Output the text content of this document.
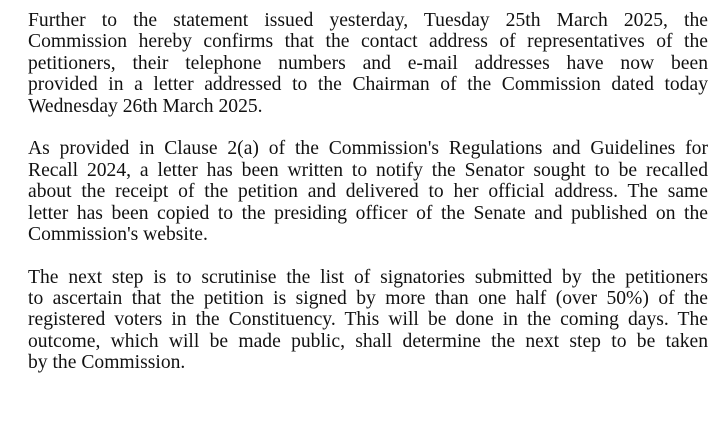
Further to the statement issued yesterday, Tuesday 25th March 2025, the
Commission hereby confirms that the contact address of representatives of the
petitioners, their telephone numbers and e-mail addresses have now been
provided in a letter addressed to the Chairman of the Commission dated today
Wednesday 26th March 2025.
As provided in Clause 2(a) of the Commission's Regulations and Guidelines for
Recall 2024, a letter has been written to notify the Senator sought to be recalled
about the receipt of the petition and delivered to her official address. The same
letter has been copied to the presiding officer of the Senate and published on the
Commission's website.
The next step is to scrutinise the list of signatories submitted by the petitioners
to ascertain that the petition is signed by more than one half (over 50%) of the
registered voters in the Constituency. This will be done in the coming days. The
outcome, which will be made public, shall determine the next step to be taken
by the Commission.
